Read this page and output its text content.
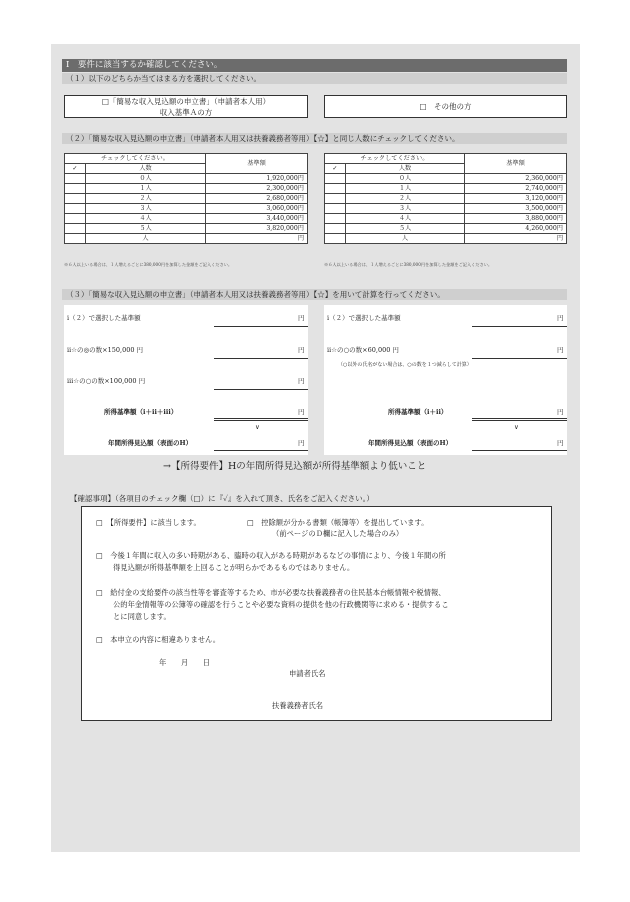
Ⅰ　要件に該当するか確認してください。
（１）以下のどちらか当てはまる方を選択してください。
□「簡易な収入見込額の申立書」（申請者本人用）
収入基準Ａの方
□　その他の方
（２）「簡易な収入見込額の申立書」（申請者本人用又は扶養義務者等用）【☆】と同じ人数にチェックしてください。
チェックしてください。		基準額
✓	人数	
	０人	1,920,000円
	１人	2,300,000円
	２人	2,680,000円
	３人	3,060,000円
	４人	3,440,000円
	５人	3,820,000円
	人	円
※６人以上いる場合は、１人増えるごとに380,000円を加算した金額をご記入ください。
チェックしてください。		基準額
✓	人数	
	０人	2,360,000円
	１人	2,740,000円
	２人	3,120,000円
	３人	3,500,000円
	４人	3,880,000円
	５人	4,260,000円
	人	円
※６人以上いる場合は、１人増えるごとに380,000円を加算した金額をご記入ください。
（３）「簡易な収入見込額の申立書」（申請者本人用又は扶養義務者等用）【☆】を用いて計算を行ってください。
ⅰ（２）で選択した基準額	円
ⅱ☆の◎の数×150,000 円	円
ⅲ☆の○の数×100,000 円	円
所得基準額（ⅰ＋ⅱ＋ⅲ）	円
∨
年間所得見込額（表面のH）	円
ⅰ（２）で選択した基準額	円
ⅱ☆の○の数×60,000 円	円
（○以外の氏名がない場合は、○の数を１つ減らして計算）
所得基準額（ⅰ＋ⅱ）	円
∨
年間所得見込額（表面のH）	円
→【所得要件】Hの年間所得見込額が所得基準額より低いこと
【確認事項】（各項目のチェック欄（□）に『✓』を入れて頂き、氏名をご記入ください。）
□　【所得要件】に該当します。	□　控除額が分かる書類（帳簿等）を提出しています。
（前ページのＤ欄に記入した場合のみ）
□　今後１年間に収入の多い時期がある、臨時の収入がある時期があるなどの事情により、今後１年間の所
得見込額が所得基準額を上回ることが明らかであるものではありません。
□　給付金の支給要件の該当性等を審査等するため、市が必要な扶養義務者の住民基本台帳情報や税情報、
公的年金情報等の公簿等の確認を行うことや必要な資料の提供を他の行政機関等に求める・提供するこ
とに同意します。
□　本申立の内容に相違ありません。
年　　月　　日
申請者氏名
扶養義務者氏名
